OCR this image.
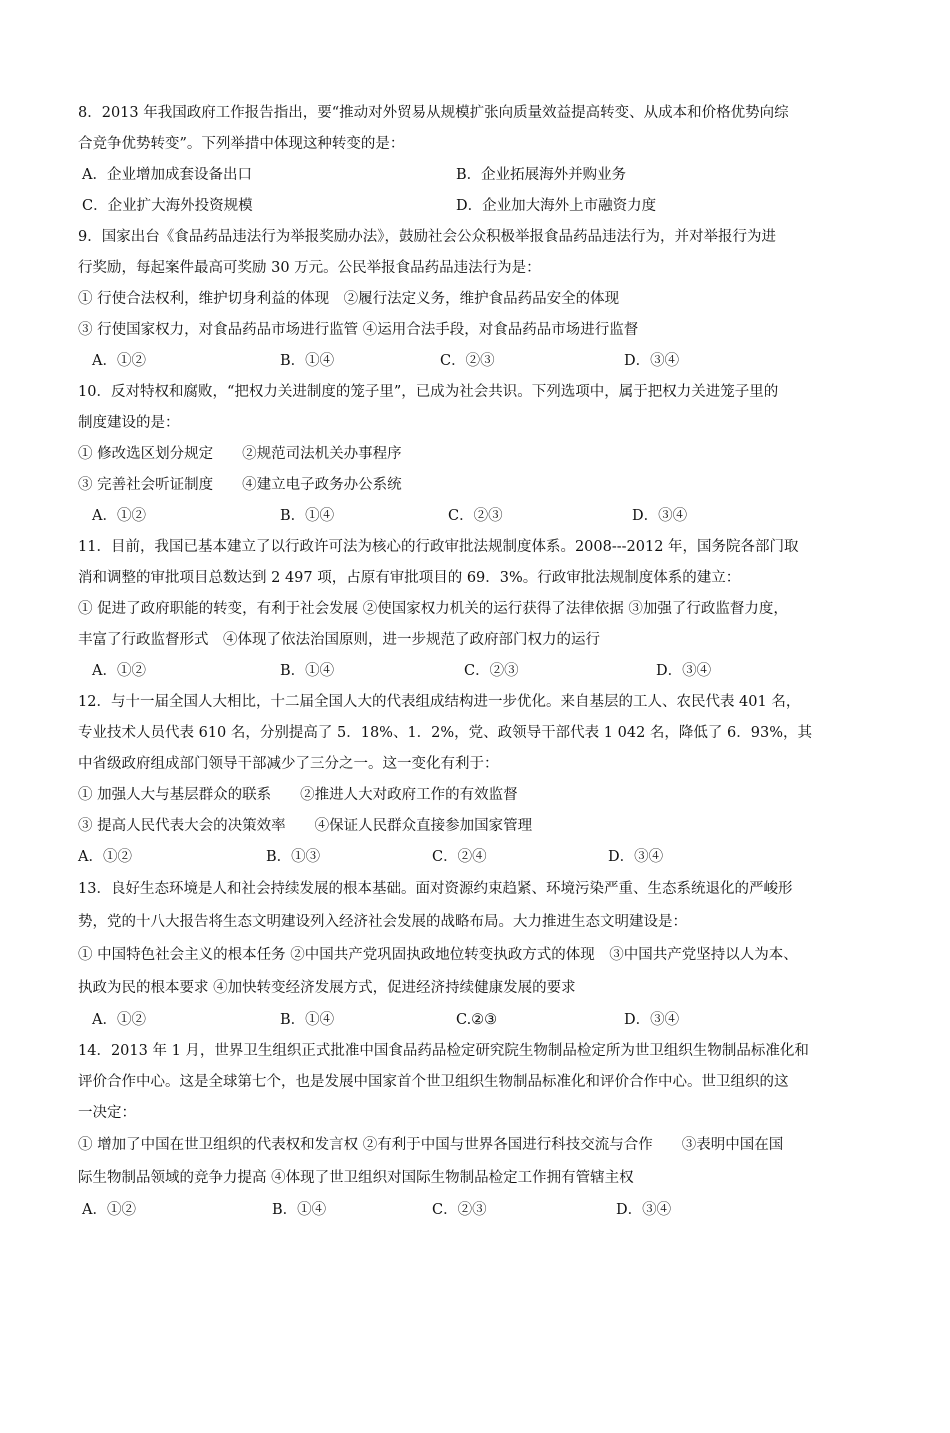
8．2013 年我国政府工作报告指出，要“推动对外贸易从规模扩张向质量效益提高转变、从成本和价格优势向综
合竞争优势转变”。下列举措中体现这种转变的是：
A．企业增加成套设备出口	B．企业拓展海外并购业务
C．企业扩大海外投资规模	D．企业加大海外上市融资力度
9．国家出台《食品药品违法行为举报奖励办法》，鼓励社会公众积极举报食品药品违法行为，并对举报行为进
行奖励，每起案件最高可奖励 30 万元。公民举报食品药品违法行为是：
① 行使合法权利，维护切身利益的体现　②履行法定义务，维护食品药品安全的体现
③ 行使国家权力，对食品药品市场进行监管 ④运用合法手段，对食品药品市场进行监督
A．①②	B．①④	C．②③	D．③④
10．反对特权和腐败，“把权力关进制度的笼子里”，已成为社会共识。下列选项中，属于把权力关进笼子里的
制度建设的是：
① 修改选区划分规定　　②规范司法机关办事程序
③ 完善社会听证制度　　④建立电子政务办公系统
A．①②	B．①④	C．②③	D．③④
11．目前，我国已基本建立了以行政许可法为核心的行政审批法规制度体系。2008---2012 年，国务院各部门取
消和调整的审批项目总数达到 2 497 项，占原有审批项目的 69．3%。行政审批法规制度体系的建立：
① 促进了政府职能的转变，有利于社会发展 ②使国家权力机关的运行获得了法律依据 ③加强了行政监督力度，
丰富了行政监督形式　④体现了依法治国原则，进一步规范了政府部门权力的运行
A．①②	B．①④	C．②③	D．③④
12．与十一届全国人大相比，十二届全国人大的代表组成结构进一步优化。来自基层的工人、农民代表 401 名，
专业技术人员代表 610 名，分别提高了 5．18%、1．2%，党、政领导干部代表 1 042 名，降低了 6．93%，其
中省级政府组成部门领导干部减少了三分之一。这一变化有利于：
① 加强人大与基层群众的联系　　②推进人大对政府工作的有效监督
③ 提高人民代表大会的决策效率　　④保证人民群众直接参加国家管理
A．①②	B．①③	C．②④	D．③④
13．良好生态环境是人和社会持续发展的根本基础。面对资源约束趋紧、环境污染严重、生态系统退化的严峻形
势，党的十八大报告将生态文明建设列入经济社会发展的战略布局。大力推进生态文明建设是：
① 中国特色社会主义的根本任务 ②中国共产党巩固执政地位转变执政方式的体现　③中国共产党坚持以人为本、
执政为民的根本要求 ④加快转变经济发展方式，促进经济持续健康发展的要求
A．①②	B．①④	C.②③	D．③④
14．2013 年 1 月，世界卫生组织正式批准中国食品药品检定研究院生物制品检定所为世卫组织生物制品标准化和
评价合作中心。这是全球第七个，也是发展中国家首个世卫组织生物制品标准化和评价合作中心。世卫组织的这
一决定：
① 增加了中国在世卫组织的代表权和发言权 ②有利于中国与世界各国进行科技交流与合作　　③表明中国在国
际生物制品领域的竞争力提高 ④体现了世卫组织对国际生物制品检定工作拥有管辖主权
A．①②	B．①④	C．②③	D．③④
